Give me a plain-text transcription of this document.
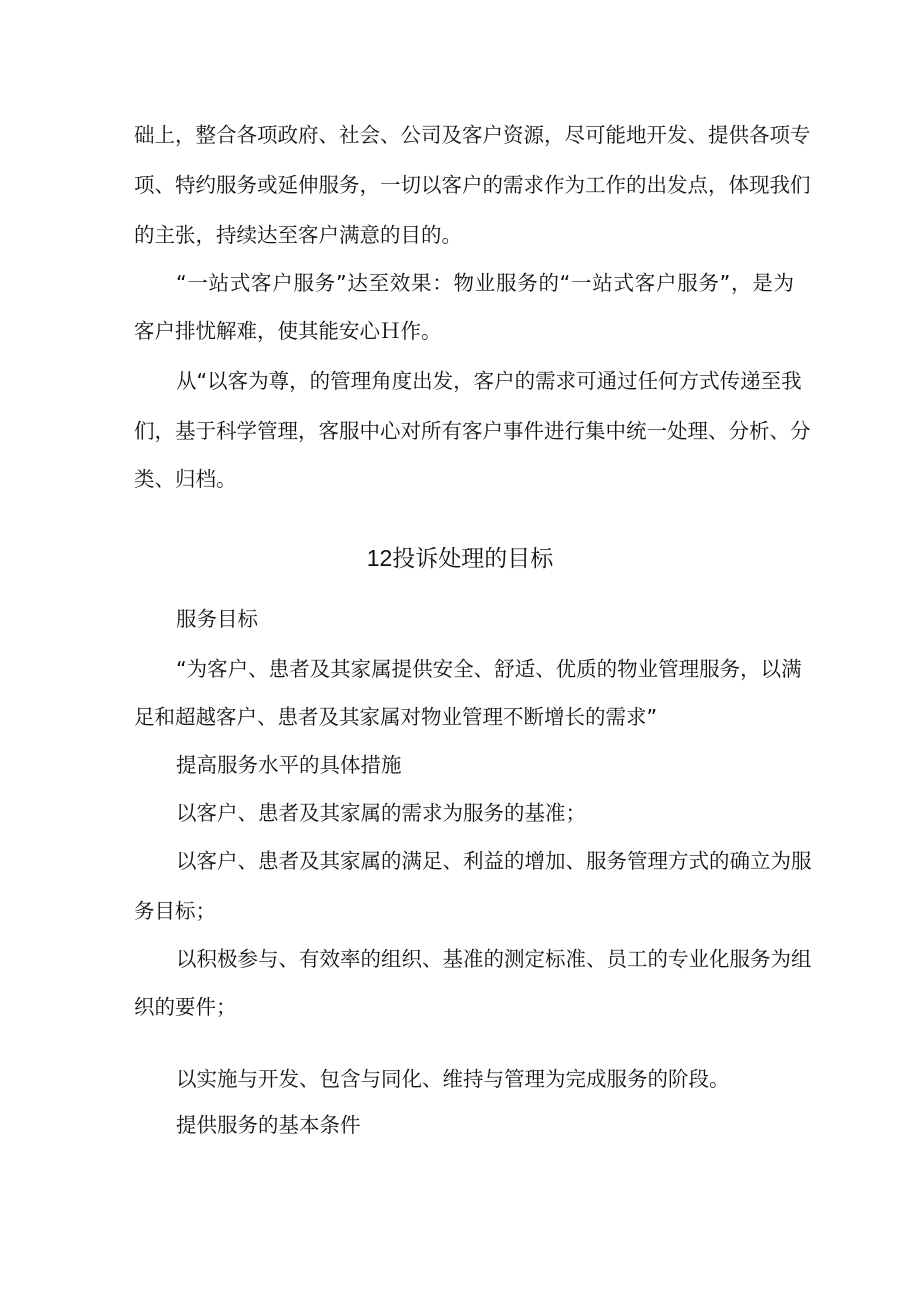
础上，整合各项政府、社会、公司及客户资源，尽可能地开发、提供各项专
项、特约服务或延伸服务，一切以客户的需求作为工作的出发点，体现我们
的主张，持续达至客户满意的目的。
“一站式客户服务”达至效果：物业服务的“一站式客户服务”，是为
客户排忧解难，使其能安心Ｈ作。
从“以客为尊，的管理角度出发，客户的需求可通过任何方式传递至我
们，基于科学管理，客服中心对所有客户事件进行集中统一处理、分析、分
类、归档。
12投诉处理的目标
服务目标
“为客户、患者及其家属提供安全、舒适、优质的物业管理服务，以满
足和超越客户、患者及其家属对物业管理不断增长的需求”
提高服务水平的具体措施
以客户、患者及其家属的需求为服务的基准；
以客户、患者及其家属的满足、利益的增加、服务管理方式的确立为服
务目标；
以积极参与、有效率的组织、基准的测定标准、员工的专业化服务为组
织的要件；
以实施与开发、包含与同化、维持与管理为完成服务的阶段。
提供服务的基本条件
